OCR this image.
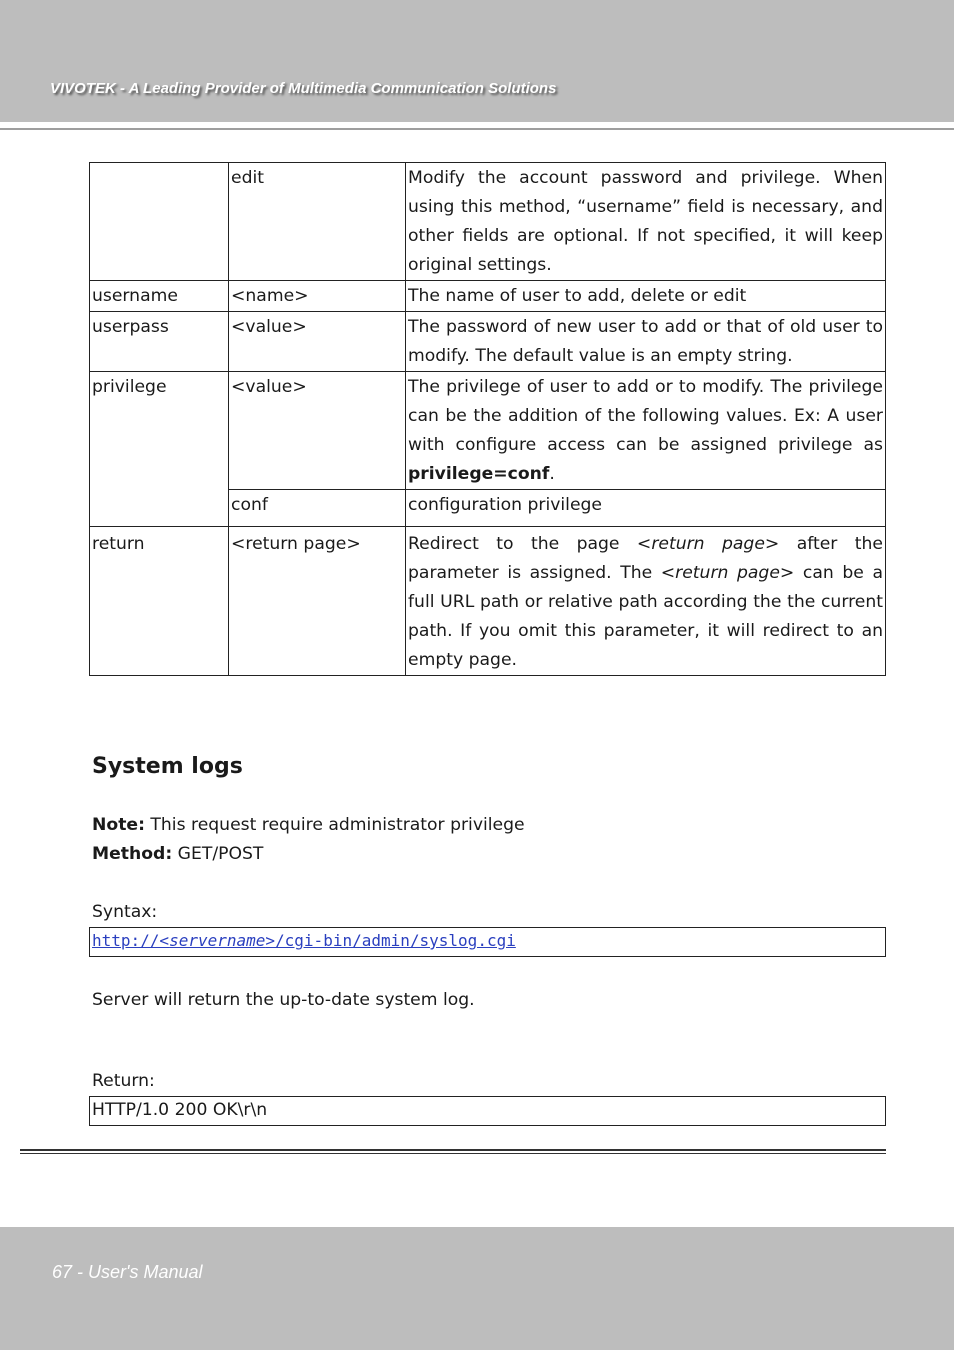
VIVOTEK - A Leading Provider of Multimedia Communication Solutions
	edit	Modify the account password and privilege. When using this method, “username” field is necessary, and other fields are optional. If not specified, it will keep original settings.
username	<name>	The name of user to add, delete or edit
userpass	<value>	The password of new user to add or that of old user to modify. The default value is an empty string.
privilege	<value>	The privilege of user to add or to modify. The privilege can be the addition of the following values. Ex: A user with configure access can be assigned privilege as privilege=conf.
	conf	configuration privilege
return	<return page>	Redirect to the page <return page> after the parameter is assigned. The <return page> can be a full URL path or relative path according the the current path. If you omit this parameter, it will redirect to an empty page.
System logs
Note: This request require administrator privilege
Method: GET/POST
Syntax:
http://<servername>/cgi-bin/admin/syslog.cgi
Server will return the up-to-date system log.
Return:
HTTP/1.0 200 OK\r\n
67 - User's Manual
